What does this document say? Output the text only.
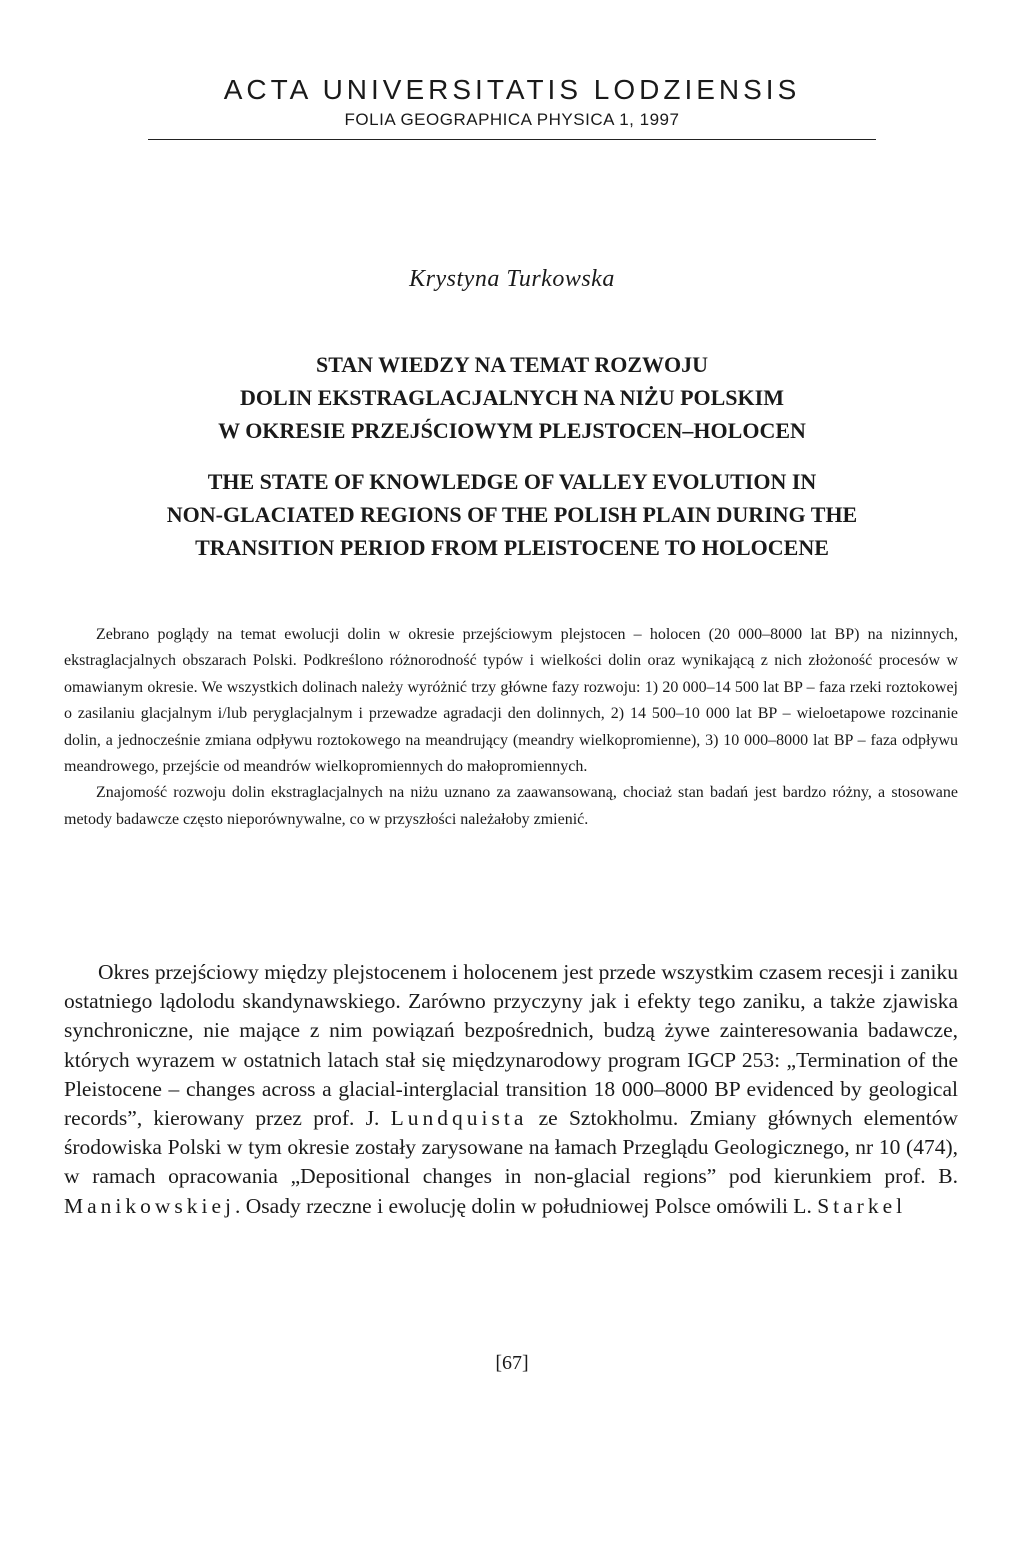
ACTA UNIVERSITATIS LODZIENSIS
FOLIA GEOGRAPHICA PHYSICA 1, 1997
Krystyna Turkowska
STAN WIEDZY NA TEMAT ROZWOJU
DOLIN EKSTRAGLACJALNYCH NA NIŻU POLSKIM
W OKRESIE PRZEJŚCIOWYM PLEJSTOCEN–HOLOCEN
THE STATE OF KNOWLEDGE OF VALLEY EVOLUTION IN
NON-GLACIATED REGIONS OF THE POLISH PLAIN DURING THE
TRANSITION PERIOD FROM PLEISTOCENE TO HOLOCENE

Zebrano poglądy na temat ewolucji dolin w okresie przejściowym plejstocen – holocen (20 000–8000 lat BP) na nizinnych, ekstraglacjalnych obszarach Polski. Podkreślono różnorodność typów i wielkości dolin oraz wynikającą z nich złożoność procesów w omawianym okresie. We wszystkich dolinach należy wyróżnić trzy główne fazy rozwoju: 1) 20 000–14 500 lat BP – faza rzeki roztokowej o zasilaniu glacjalnym i/lub peryglacjalnym i przewadze agradacji den dolinnych, 2) 14 500–10 000 lat BP – wieloetapowe rozcinanie dolin, a jednocześnie zmiana odpływu roztokowego na meandrujący (meandry wielkopromienne), 3) 10 000–8000 lat BP – faza odpływu meandrowego, przejście od meandrów wielkopromiennych do małopromiennych.

Znajomość rozwoju dolin ekstraglacjalnych na niżu uznano za zaawansowaną, chociaż stan badań jest bardzo różny, a stosowane metody badawcze często nieporównywalne, co w przyszłości należałoby zmienić.

Okres przejściowy między plejstocenem i holocenem jest przede wszystkim czasem recesji i zaniku ostatniego lądolodu skandynawskiego. Zarówno przyczyny jak i efekty tego zaniku, a także zjawiska synchroniczne, nie mające z nim powiązań bezpośrednich, budzą żywe zainteresowania badawcze, których wyrazem w ostatnich latach stał się międzynarodowy program IGCP 253: „Termination of the Pleistocene – changes across a glacial-interglacial transition 18 000–8000 BP evidenced by geological records”, kierowany przez prof. J. Lundquista ze Sztokholmu. Zmiany głównych elementów środowiska Polski w tym okresie zostały zarysowane na łamach Przeglądu Geologicznego, nr 10 (474), w ramach opracowania „Depositional changes in non-glacial regions” pod kierunkiem prof. B. Manikowskiej. Osady rzeczne i ewolucję dolin w południowej Polsce omówili L. Starkel

[67]
